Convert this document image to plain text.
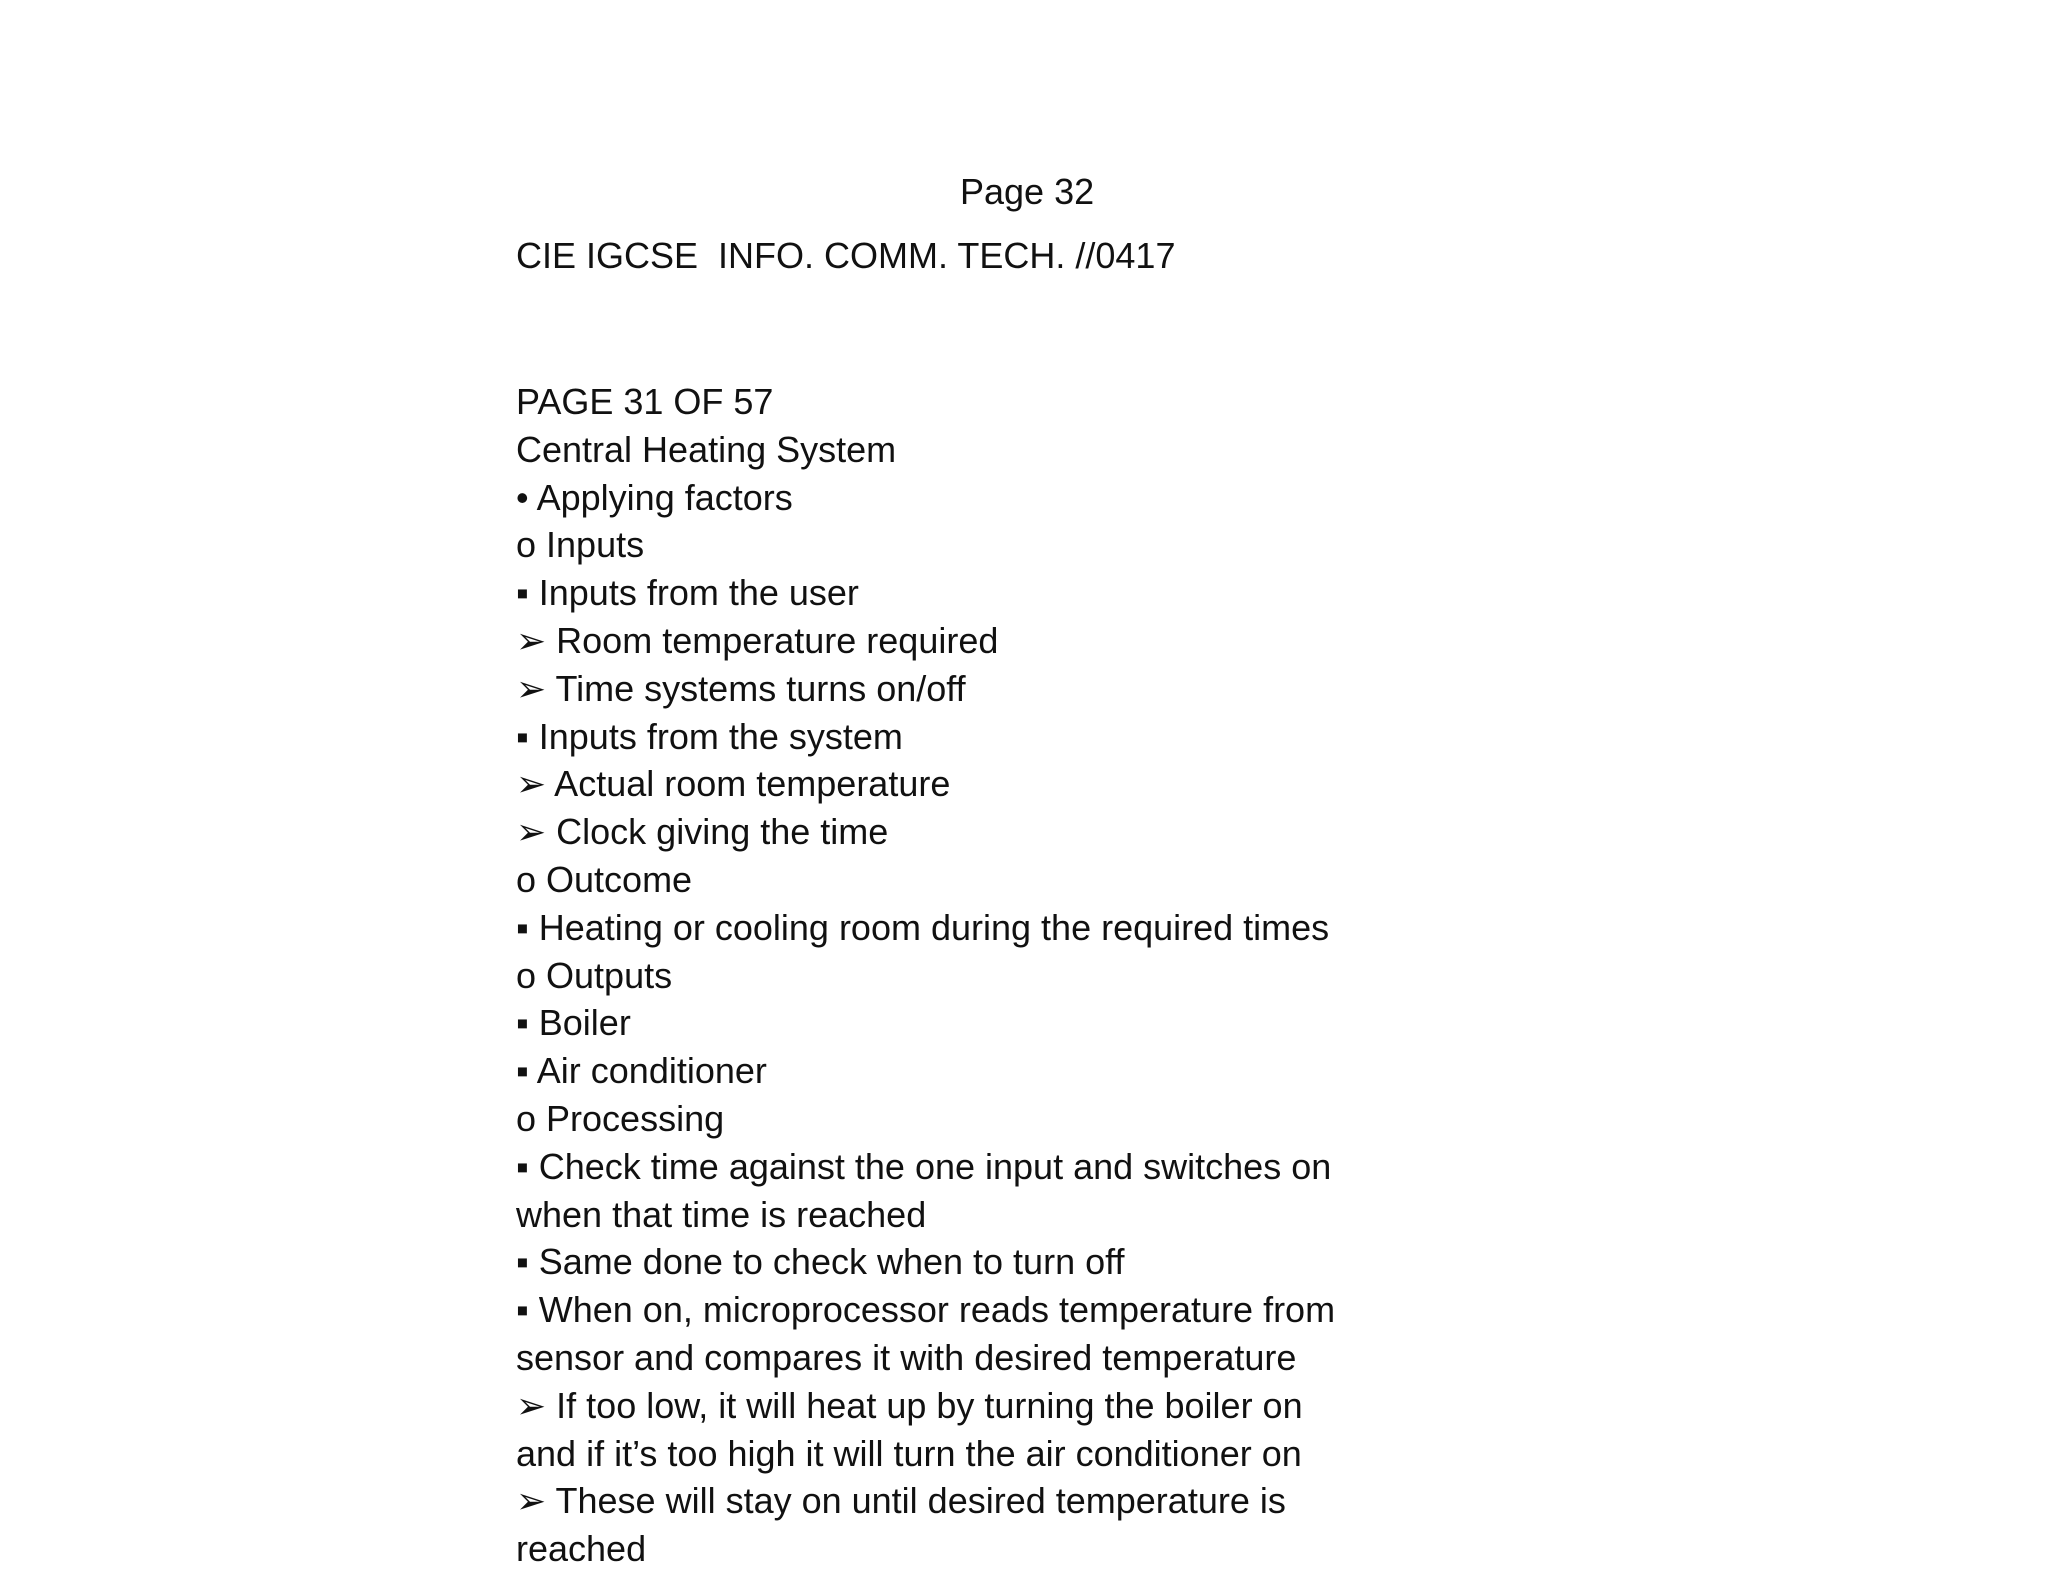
Page 32
CIE IGCSE  INFO. COMM. TECH. //0417
PAGE 31 OF 57
Central Heating System
• Applying factors
o Inputs
▪ Inputs from the user
➢ Room temperature required
➢ Time systems turns on/off
▪ Inputs from the system
➢ Actual room temperature
➢ Clock giving the time
o Outcome
▪ Heating or cooling room during the required times
o Outputs
▪ Boiler
▪ Air conditioner
o Processing
▪ Check time against the one input and switches on
when that time is reached
▪ Same done to check when to turn off
▪ When on, microprocessor reads temperature from
sensor and compares it with desired temperature
➢ If too low, it will heat up by turning the boiler on
and if it’s too high it will turn the air conditioner on
➢ These will stay on until desired temperature is
reached
